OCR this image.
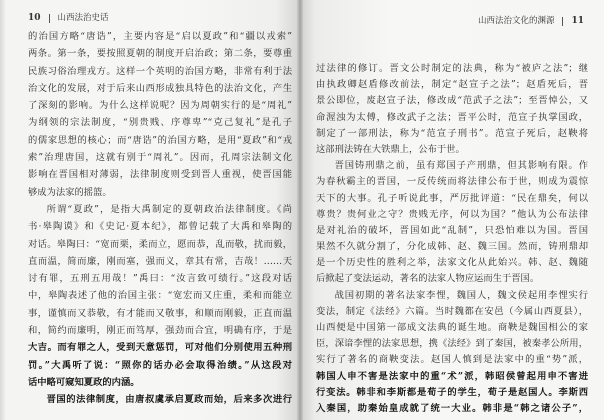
10 山西法治史话
的治国方略“唐诰”，主要内容是“启以夏政”和“疆以戎索”
两条。第一条，要按照夏朝的制度开启治政；第二条，要尊重
民族习俗治理戎方。这样一个英明的治国方略，非常有利于法
治文化的发展，对于后来山西形成独具特色的法治文化，产生
了深刻的影响。为什么这样说呢？因为周朝实行的是“周礼”
为纲领的宗法制度，“别贵贱、序尊卑”“克己复礼”是孔子
的儒家思想的核心；而“唐诰”的治国方略，是用“夏政”和“戎
索”治理唐国，这就有别于“周礼”。因而，孔周宗法制文化
影响在晋国相对薄弱，法律制度则受到晋人重视，使晋国能
够成为法家的摇篮。
所谓“夏政”，是指大禹制定的夏朝政治法律制度。《尚
书·皋陶谟》和《史记·夏本纪》，都曾记载了大禹和皋陶的
对话。皋陶曰：“宽而栗，柔而立，愿而恭，乱而敬，扰而毅，
直而温，简而廉，刚而塞，强而义，章其有常，吉哉！……天
讨有罪，五刑五用哉！”禹曰：“汝言致可绩行。”这段对话
中，皋陶表述了他的治国主张：“宽宏而又庄重，柔和而能立
事，谨慎而又恭敬，有才能而又敬事，和顺而刚毅，正直而温
和，简约而廉明，刚正而笃厚，强劲而合宜，明确有序，于是
大吉。而有罪之人，受到天意惩罚，可对他们分别使用五种刑
罚。”大禹听了说：“照你的话办必会取得治绩。”从这段对
话中略可窥知夏政的内涵。
晋国的法律制度，由唐叔虞承启夏政而始，后来多次进行
山西法治文化的渊源 11
过法律的修订。晋文公时制定的法典，称为“被庐之法”；继
由执政卿赵盾修改前法，制定“赵宣子之法”；赵盾死后，晋
景公即位，废赵宣子法，修改成“范武子之法”；至晋悼公，又
命渥浊为太傅，修改武子之法；晋平公时，范宣子执掌国政，
制定了一部刑法，称为“范宣子刑书”。范宣子死后，赵鞅将
这部刑法铸在大铁鼎上，公布于世。
晋国铸刑鼎之前，虽有郑国子产刑鼎，但其影响有限。作
为春秋霸主的晋国，一反传统而将法律公布于世，则成为震惊
天下的大事。孔子听说此事，严厉批评道：“民在鼎矣，何以
尊贵？贵何业之守？贵贱无序，何以为国？”他认为公布法律
是对礼治的破坏，晋国如此“乱制”，只恐怕难以为国。晋国
果然不久就分割了，分化成韩、赵、魏三国。然而，铸刑鼎却
是一个历史性的胜利之举，法家文化从此始兴。韩、赵、魏随
后掀起了变法运动，著名的法家人物应运而生于晋国。
战国初期的著名法家李悝，魏国人，魏文侯起用李悝实行
变法，制定《法经》六篇。当时魏都在安邑（今属山西夏县），
山西便是中国第一部成文法典的诞生地。商鞅是魏国相公的家
臣，深谙李悝的法家思想，携《法经》到了秦国，被秦孝公所用，
实行了著名的商鞅变法。赵国人慎到是法家中的重“势”派，
韩国人申不害是法家中的重“术”派，韩昭侯曾起用申不害进
行变法。韩非和李斯都是荀子的学生，荀子是赵国人。李斯西
入秦国，助秦始皇成就了统一大业。韩非是“韩之诸公子”，
